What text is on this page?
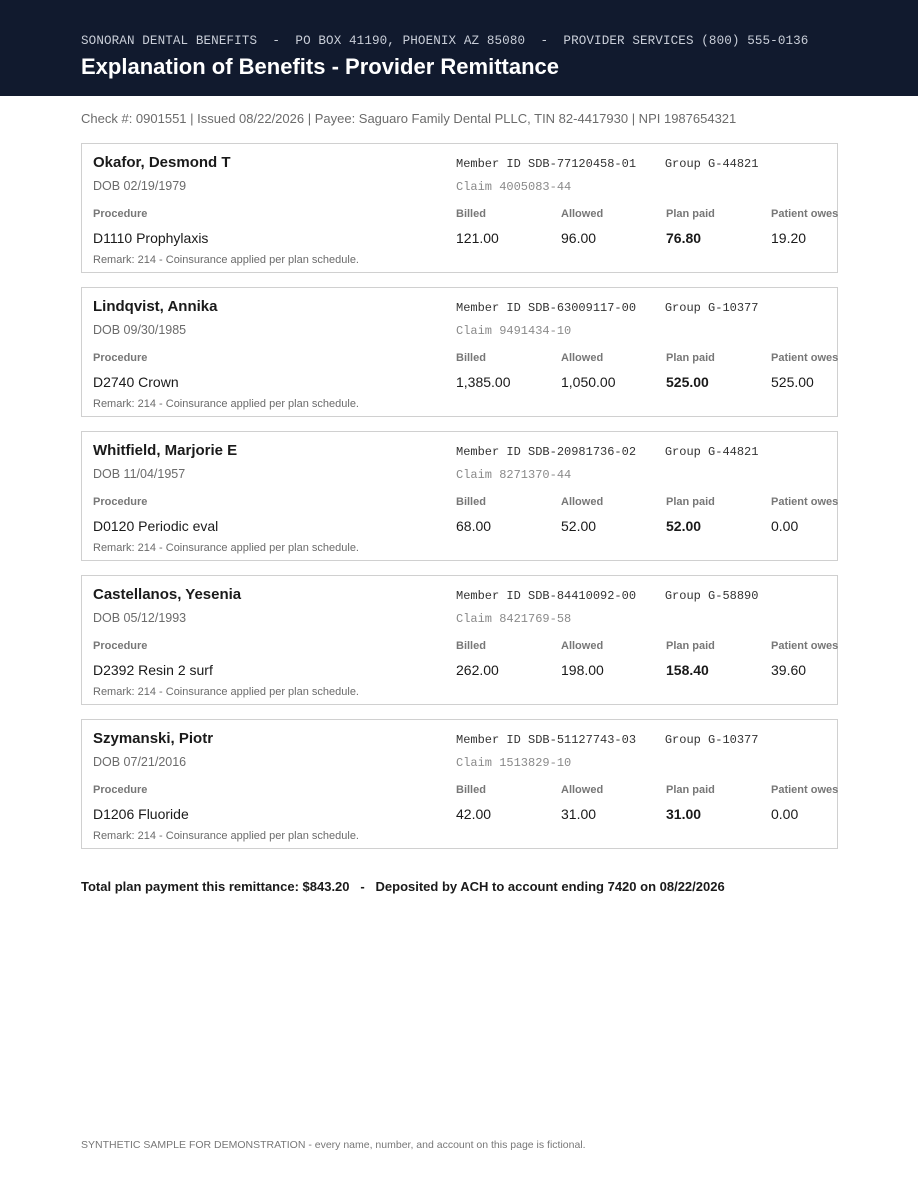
SONORAN DENTAL BENEFITS  -  PO BOX 41190, PHOENIX AZ 85080  -  PROVIDER SERVICES (800) 555-0136
Explanation of Benefits - Provider Remittance
Check #: 0901551 | Issued 08/22/2026 | Payee: Saguaro Family Dental PLLC, TIN 82-4417930 | NPI 1987654321
Okafor, Desmond T
DOB 02/19/1979
Member ID SDB-77120458-01    Group G-44821
Claim 4005083-44
Procedure	Billed	Allowed	Plan paid	Patient owes
D1110 Prophylaxis	121.00	96.00	76.80	19.20
Remark: 214 - Coinsurance applied per plan schedule.
Lindqvist, Annika
DOB 09/30/1985
Member ID SDB-63009117-00    Group G-10377
Claim 9491434-10
Procedure	Billed	Allowed	Plan paid	Patient owes
D2740 Crown	1,385.00	1,050.00	525.00	525.00
Remark: 214 - Coinsurance applied per plan schedule.
Whitfield, Marjorie E
DOB 11/04/1957
Member ID SDB-20981736-02    Group G-44821
Claim 8271370-44
Procedure	Billed	Allowed	Plan paid	Patient owes
D0120 Periodic eval	68.00	52.00	52.00	0.00
Remark: 214 - Coinsurance applied per plan schedule.
Castellanos, Yesenia
DOB 05/12/1993
Member ID SDB-84410092-00    Group G-58890
Claim 8421769-58
Procedure	Billed	Allowed	Plan paid	Patient owes
D2392 Resin 2 surf	262.00	198.00	158.40	39.60
Remark: 214 - Coinsurance applied per plan schedule.
Szymanski, Piotr
DOB 07/21/2016
Member ID SDB-51127743-03    Group G-10377
Claim 1513829-10
Procedure	Billed	Allowed	Plan paid	Patient owes
D1206 Fluoride	42.00	31.00	31.00	0.00
Remark: 214 - Coinsurance applied per plan schedule.
Total plan payment this remittance: $843.20   -   Deposited by ACH to account ending 7420 on 08/22/2026
SYNTHETIC SAMPLE FOR DEMONSTRATION - every name, number, and account on this page is fictional.
